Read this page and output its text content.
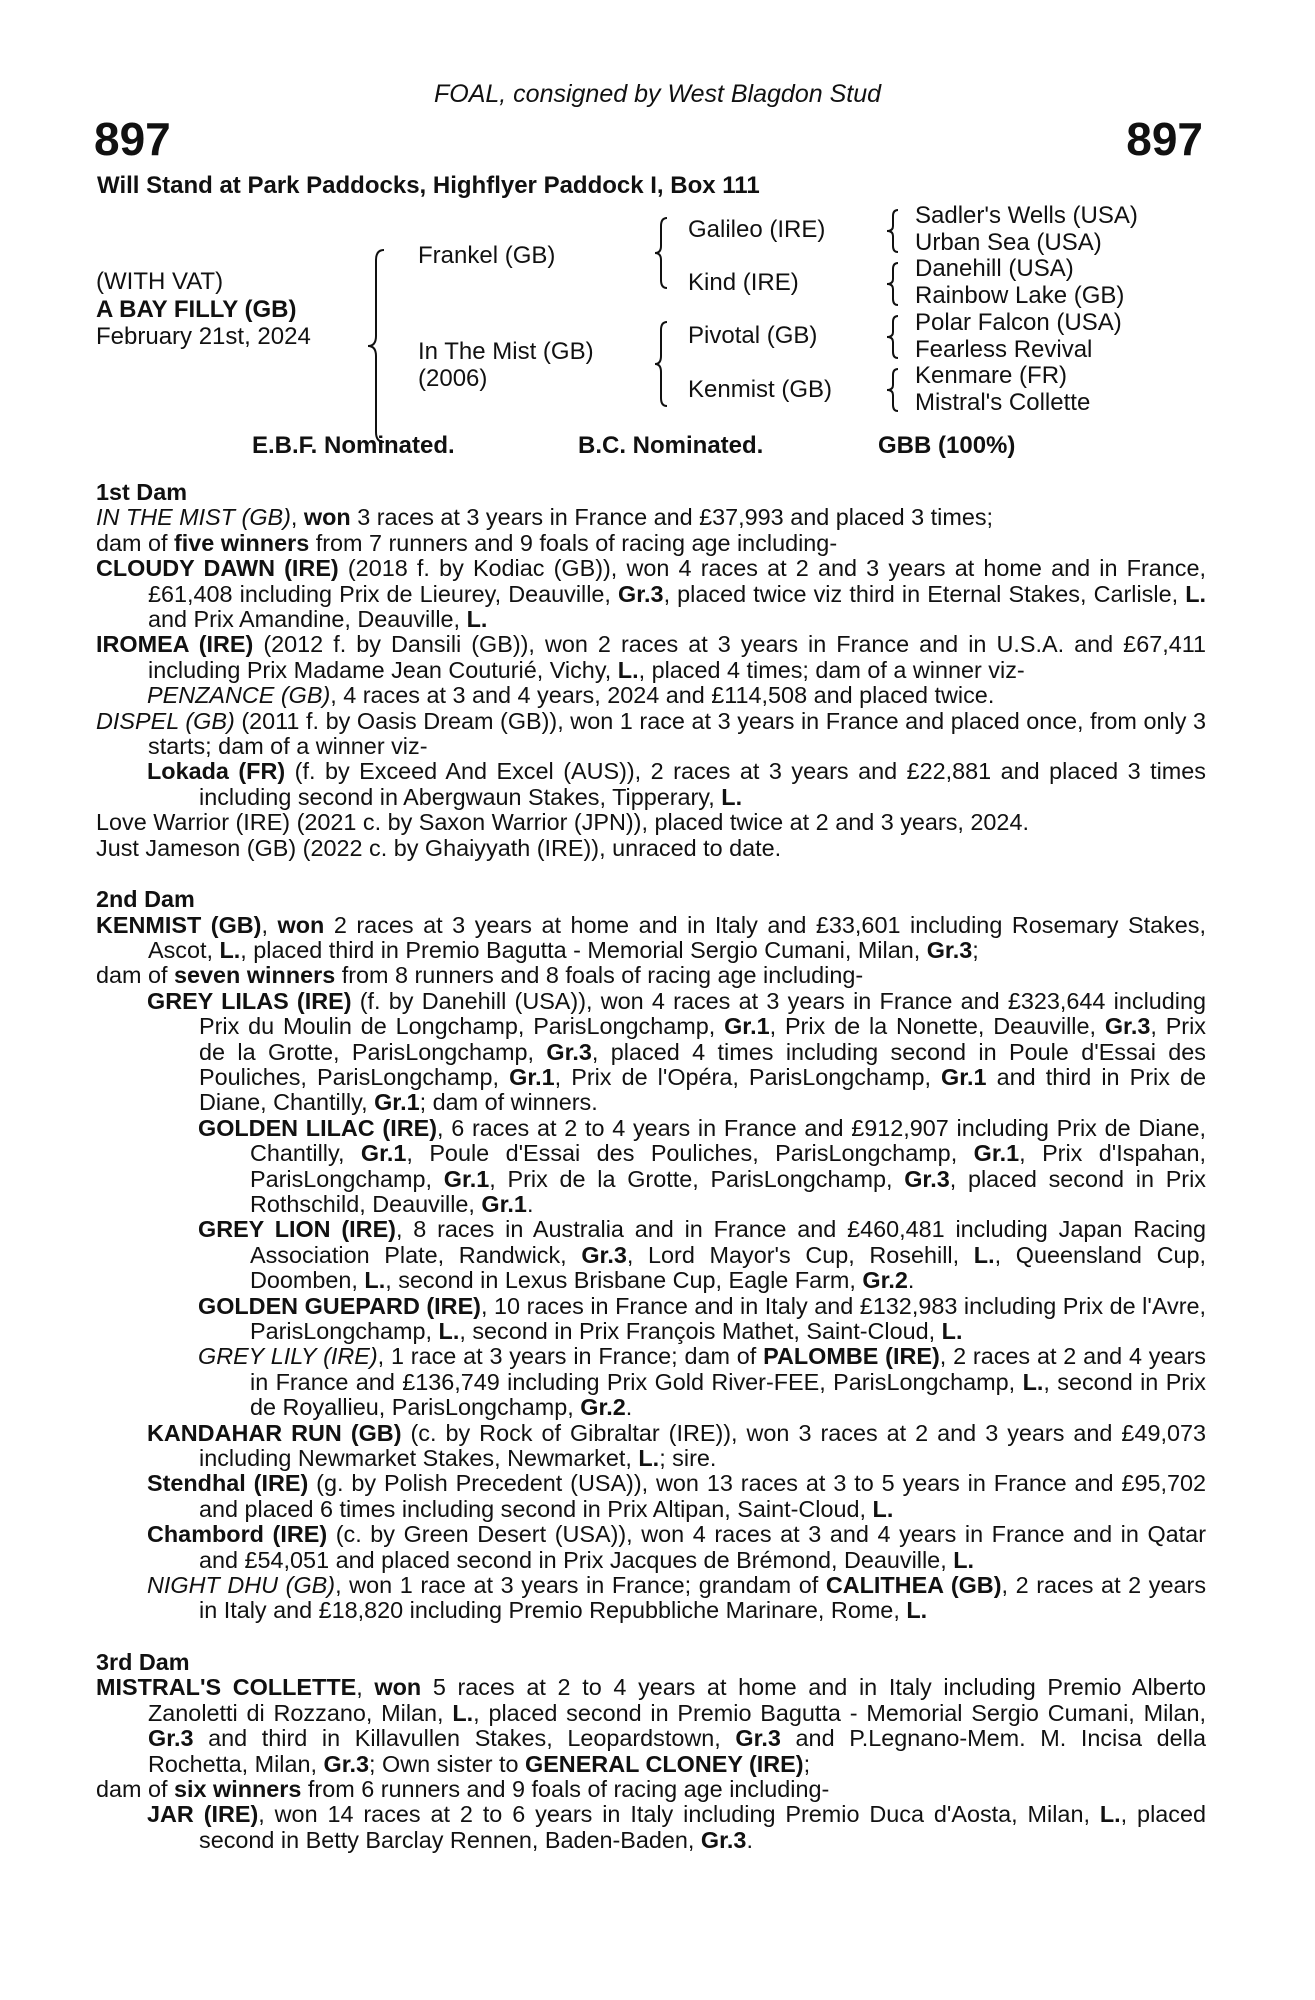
FOAL, consigned by West Blagdon Stud
897	897
Will Stand at Park Paddocks, Highflyer Paddock I, Box 111
(WITH VAT)
A BAY FILLY (GB)
February 21st, 2024
Frankel (GB)
In The Mist (GB)
(2006)
Galileo (IRE)
Kind (IRE)
Pivotal (GB)
Kenmist (GB)
Sadler's Wells (USA)
Urban Sea (USA)
Danehill (USA)
Rainbow Lake (GB)
Polar Falcon (USA)
Fearless Revival
Kenmare (FR)
Mistral's Collette
E.B.F. Nominated.	B.C. Nominated.	GBB (100%)

1st Dam

IN THE MIST (GB), won 3 races at 3 years in France and £37,993 and placed 3 times;

dam of five winners from 7 runners and 9 foals of racing age including-

CLOUDY DAWN (IRE) (2018 f. by Kodiac (GB)), won 4 races at 2 and 3 years at home and in France, £61,408 including Prix de Lieurey, Deauville, Gr.3, placed twice viz third in Eternal Stakes, Carlisle, L. and Prix Amandine, Deauville, L.

IROMEA (IRE) (2012 f. by Dansili (GB)), won 2 races at 3 years in France and in U.S.A. and £67,411 including Prix Madame Jean Couturié, Vichy, L., placed 4 times; dam of a winner viz-

PENZANCE (GB), 4 races at 3 and 4 years, 2024 and £114,508 and placed twice.

DISPEL (GB) (2011 f. by Oasis Dream (GB)), won 1 race at 3 years in France and placed once, from only 3 starts; dam of a winner viz-

Lokada (FR) (f. by Exceed And Excel (AUS)), 2 races at 3 years and £22,881 and placed 3 times including second in Abergwaun Stakes, Tipperary, L.

Love Warrior (IRE) (2021 c. by Saxon Warrior (JPN)), placed twice at 2 and 3 years, 2024.

Just Jameson (GB) (2022 c. by Ghaiyyath (IRE)), unraced to date.

2nd Dam

KENMIST (GB), won 2 races at 3 years at home and in Italy and £33,601 including Rosemary Stakes, Ascot, L., placed third in Premio Bagutta - Memorial Sergio Cumani, Milan, Gr.3;

dam of seven winners from 8 runners and 8 foals of racing age including-

GREY LILAS (IRE) (f. by Danehill (USA)), won 4 races at 3 years in France and £323,644 including Prix du Moulin de Longchamp, ParisLongchamp, Gr.1, Prix de la Nonette, Deauville, Gr.3, Prix de la Grotte, ParisLongchamp, Gr.3, placed 4 times including second in Poule d'Essai des Pouliches, ParisLongchamp, Gr.1, Prix de l'Opéra, ParisLongchamp, Gr.1 and third in Prix de Diane, Chantilly, Gr.1; dam of winners.

GOLDEN LILAC (IRE), 6 races at 2 to 4 years in France and £912,907 including Prix de Diane, Chantilly, Gr.1, Poule d'Essai des Pouliches, ParisLongchamp, Gr.1, Prix d'Ispahan, ParisLongchamp, Gr.1, Prix de la Grotte, ParisLongchamp, Gr.3, placed second in Prix Rothschild, Deauville, Gr.1.

GREY LION (IRE), 8 races in Australia and in France and £460,481 including Japan Racing Association Plate, Randwick, Gr.3, Lord Mayor's Cup, Rosehill, L., Queensland Cup, Doomben, L., second in Lexus Brisbane Cup, Eagle Farm, Gr.2.

GOLDEN GUEPARD (IRE), 10 races in France and in Italy and £132,983 including Prix de l'Avre, ParisLongchamp, L., second in Prix François Mathet, Saint-Cloud, L.

GREY LILY (IRE), 1 race at 3 years in France; dam of PALOMBE (IRE), 2 races at 2 and 4 years in France and £136,749 including Prix Gold River-FEE, ParisLongchamp, L., second in Prix de Royallieu, ParisLongchamp, Gr.2.

KANDAHAR RUN (GB) (c. by Rock of Gibraltar (IRE)), won 3 races at 2 and 3 years and £49,073 including Newmarket Stakes, Newmarket, L.; sire.

Stendhal (IRE) (g. by Polish Precedent (USA)), won 13 races at 3 to 5 years in France and £95,702 and placed 6 times including second in Prix Altipan, Saint-Cloud, L.

Chambord (IRE) (c. by Green Desert (USA)), won 4 races at 3 and 4 years in France and in Qatar and £54,051 and placed second in Prix Jacques de Brémond, Deauville, L.

NIGHT DHU (GB), won 1 race at 3 years in France; grandam of CALITHEA (GB), 2 races at 2 years in Italy and £18,820 including Premio Repubbliche Marinare, Rome, L.

3rd Dam

MISTRAL'S COLLETTE, won 5 races at 2 to 4 years at home and in Italy including Premio Alberto Zanoletti di Rozzano, Milan, L., placed second in Premio Bagutta - Memorial Sergio Cumani, Milan, Gr.3 and third in Killavullen Stakes, Leopardstown, Gr.3 and P.Legnano-Mem. M. Incisa della Rochetta, Milan, Gr.3; Own sister to GENERAL CLONEY (IRE);

dam of six winners from 6 runners and 9 foals of racing age including-

JAR (IRE), won 14 races at 2 to 6 years in Italy including Premio Duca d'Aosta, Milan, L., placed second in Betty Barclay Rennen, Baden-Baden, Gr.3.
